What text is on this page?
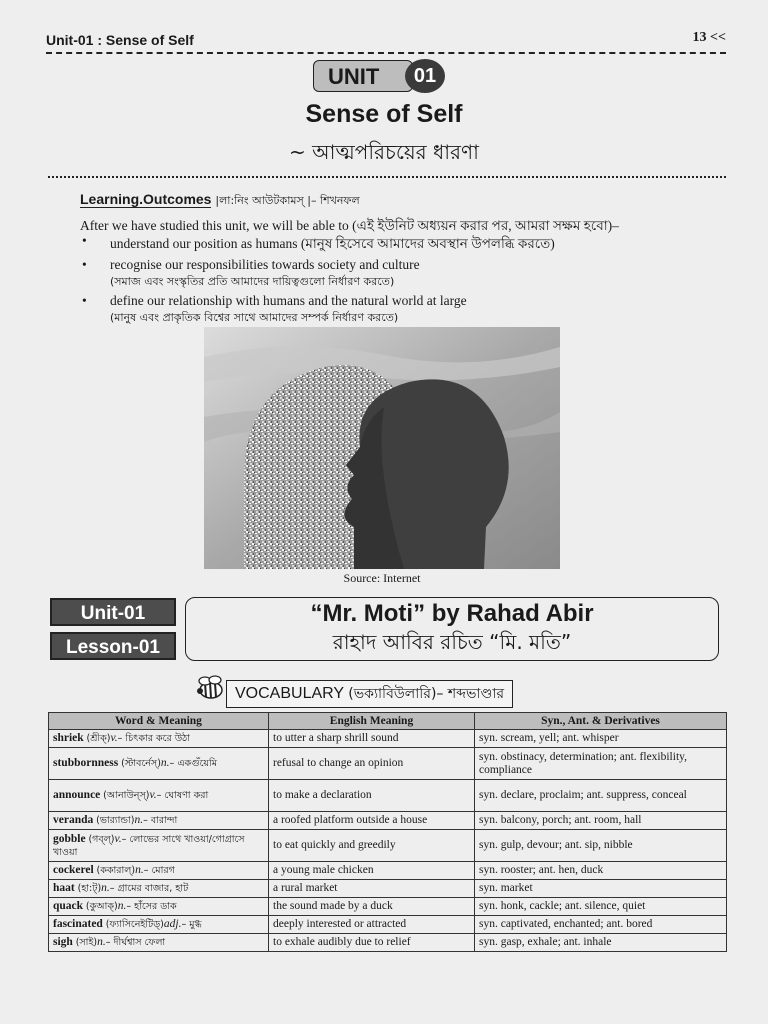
Unit-01 : Sense of Self	13 <<
UNIT	01
Sense of Self
~ আত্মপরিচয়ের ধারণা
Learning.Outcomes |লা:নিং আউটকামস্‌ |– শিখনফল
After we have studied this unit, we will be able to (এই ইউনিট অধ্যয়ন করার পর, আমরা সক্ষম হবো)–
• understand our position as humans (মানুষ হিসেবে আমাদের অবস্থান উপলব্ধি করতে)
• recognise our responsibilities towards society and culture
(সমাজ এবং সংস্কৃতির প্রতি আমাদের দায়িত্বগুলো নির্ধারণ করতে)
• define our relationship with humans and the natural world at large
(মানুষ এবং প্রাকৃতিক বিশ্বের সাথে আমাদের সম্পর্ক নির্ধারণ করতে)
Source: Internet
Unit-01
Lesson-01
“Mr. Moti” by Rahad Abir
রাহাদ আবির রচিত “মি. মতি”
VOCABULARY (ভক্যাবিউলারি)– শব্দভাণ্ডার
Word & Meaning	English Meaning	Syn., Ant. & Derivatives
shriek (শ্রীক্‌)v.– চিৎকার করে উঠা	to utter a sharp shrill sound	syn. scream, yell; ant. whisper
stubbornness (স্টাবর্নেস্‌)n.– একগুঁয়েমি	refusal to change an opinion	syn. obstinacy, determination; ant. flexibility, compliance
announce (আনাউন্‌স্‌)v.– ঘোষণা করা	to make a declaration	syn. declare, proclaim; ant. suppress, conceal
veranda (ভার‍্যান্ডা)n.– বারান্দা	a roofed platform outside a house	syn. balcony, porch; ant. room, hall
gobble (গব্‌ল্‌)v.– লোভের সাথে খাওয়া/গোগ্রাসে খাওয়া	to eat quickly and greedily	syn. gulp, devour; ant. sip, nibble
cockerel (ককারাল্‌)n.– মোরগ	a young male chicken	syn. rooster; ant. hen, duck
haat (হা:ট্‌)n.– গ্রামের বাজার, হাট	a rural market	syn. market
quack (কুআক্‌)n.– হাঁসের ডাক	the sound made by a duck	syn. honk, cackle; ant. silence, quiet
fascinated (ফ্যাসিনেইটিড্‌)adj.– মুগ্ধ	deeply interested or attracted	syn. captivated, enchanted; ant. bored
sigh (সাই)n.– দীর্ঘশ্বাস ফেলা	to exhale audibly due to relief	syn. gasp, exhale; ant. inhale
